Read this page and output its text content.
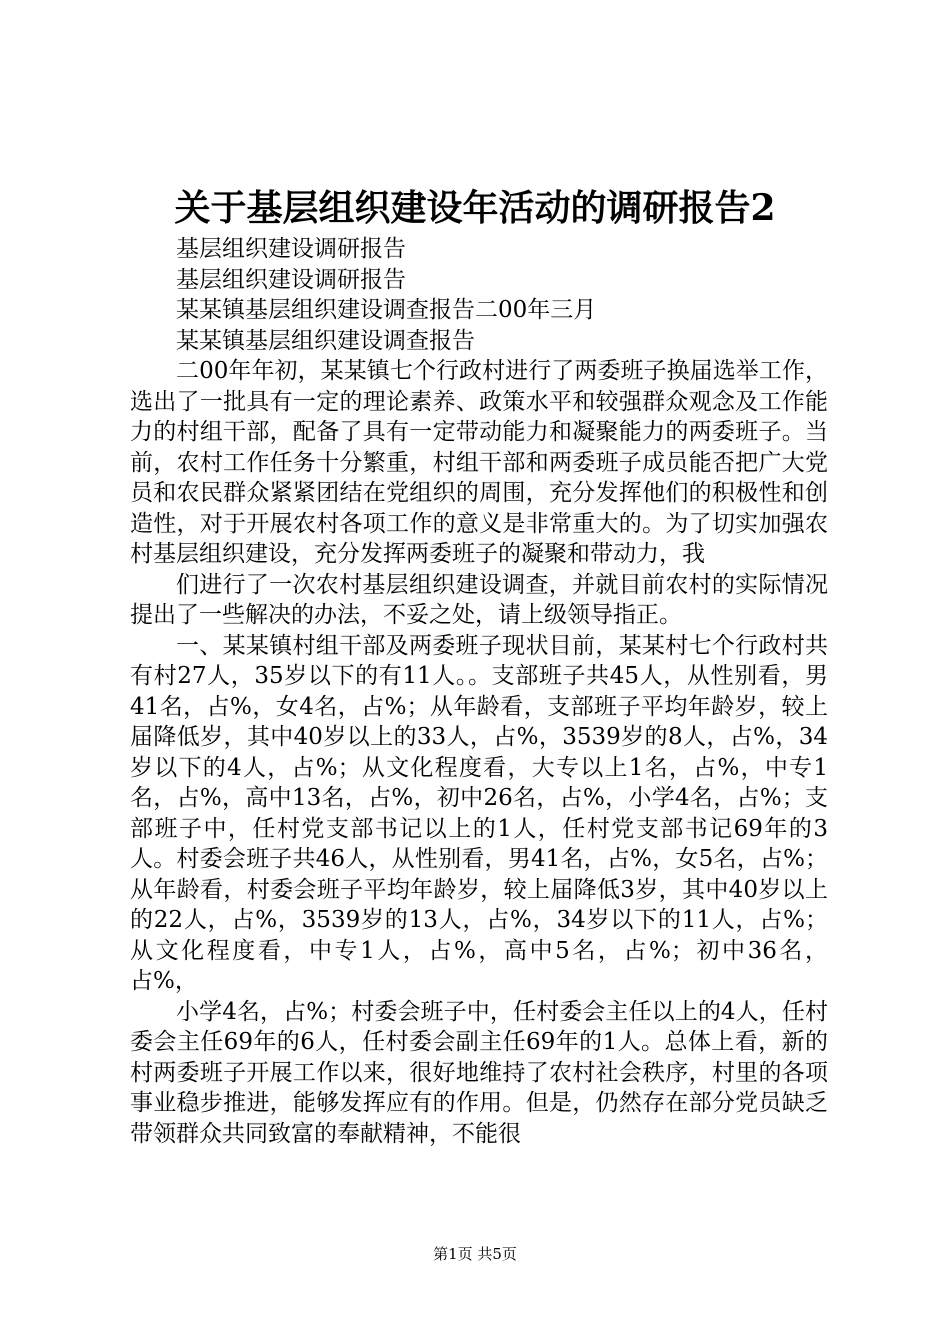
关于基层组织建设年活动的调研报告2

基层组织建设调研报告

基层组织建设调研报告

某某镇基层组织建设调查报告二00年三月

某某镇基层组织建设调查报告

二00年年初，某某镇七个行政村进行了两委班子换届选举工作，选出了一批具有一定的理论素养、政策水平和较强群众观念及工作能力的村组干部，配备了具有一定带动能力和凝聚能力的两委班子。当前，农村工作任务十分繁重，村组干部和两委班子成员能否把广大党员和农民群众紧紧团结在党组织的周围，充分发挥他们的积极性和创造性，对于开展农村各项工作的意义是非常重大的。为了切实加强农村基层组织建设，充分发挥两委班子的凝聚和带动力，我

们进行了一次农村基层组织建设调查，并就目前农村的实际情况提出了一些解决的办法，不妥之处，请上级领导指正。

一、某某镇村组干部及两委班子现状目前，某某村七个行政村共有村27人，35岁以下的有11人。。支部班子共45人，从性别看，男41名，占%，女4名，占%；从年龄看，支部班子平均年龄岁，较上届降低岁，其中40岁以上的33人，占%，3539岁的8人，占%，34岁以下的4人，占%；从文化程度看，大专以上1名，占%，中专1名，占%，高中13名，占%，初中26名，占%，小学4名，占%；支部班子中，任村党支部书记以上的1人，任村党支部书记69年的3人。村委会班子共46人，从性别看，男41名，占%，女5名，占%；从年龄看，村委会班子平均年龄岁，较上届降低3岁，其中40岁以上的22人，占%，3539岁的13人，占%，34岁以下的11人，占%；从文化程度看，中专1人，占%，高中5名，占%；初中36名，占%，

小学4名，占%；村委会班子中，任村委会主任以上的4人，任村委会主任69年的6人，任村委会副主任69年的1人。总体上看，新的村两委班子开展工作以来，很好地维持了农村社会秩序，村里的各项事业稳步推进，能够发挥应有的作用。但是，仍然存在部分党员缺乏带领群众共同致富的奉献精神，不能很

第1页 共5页
